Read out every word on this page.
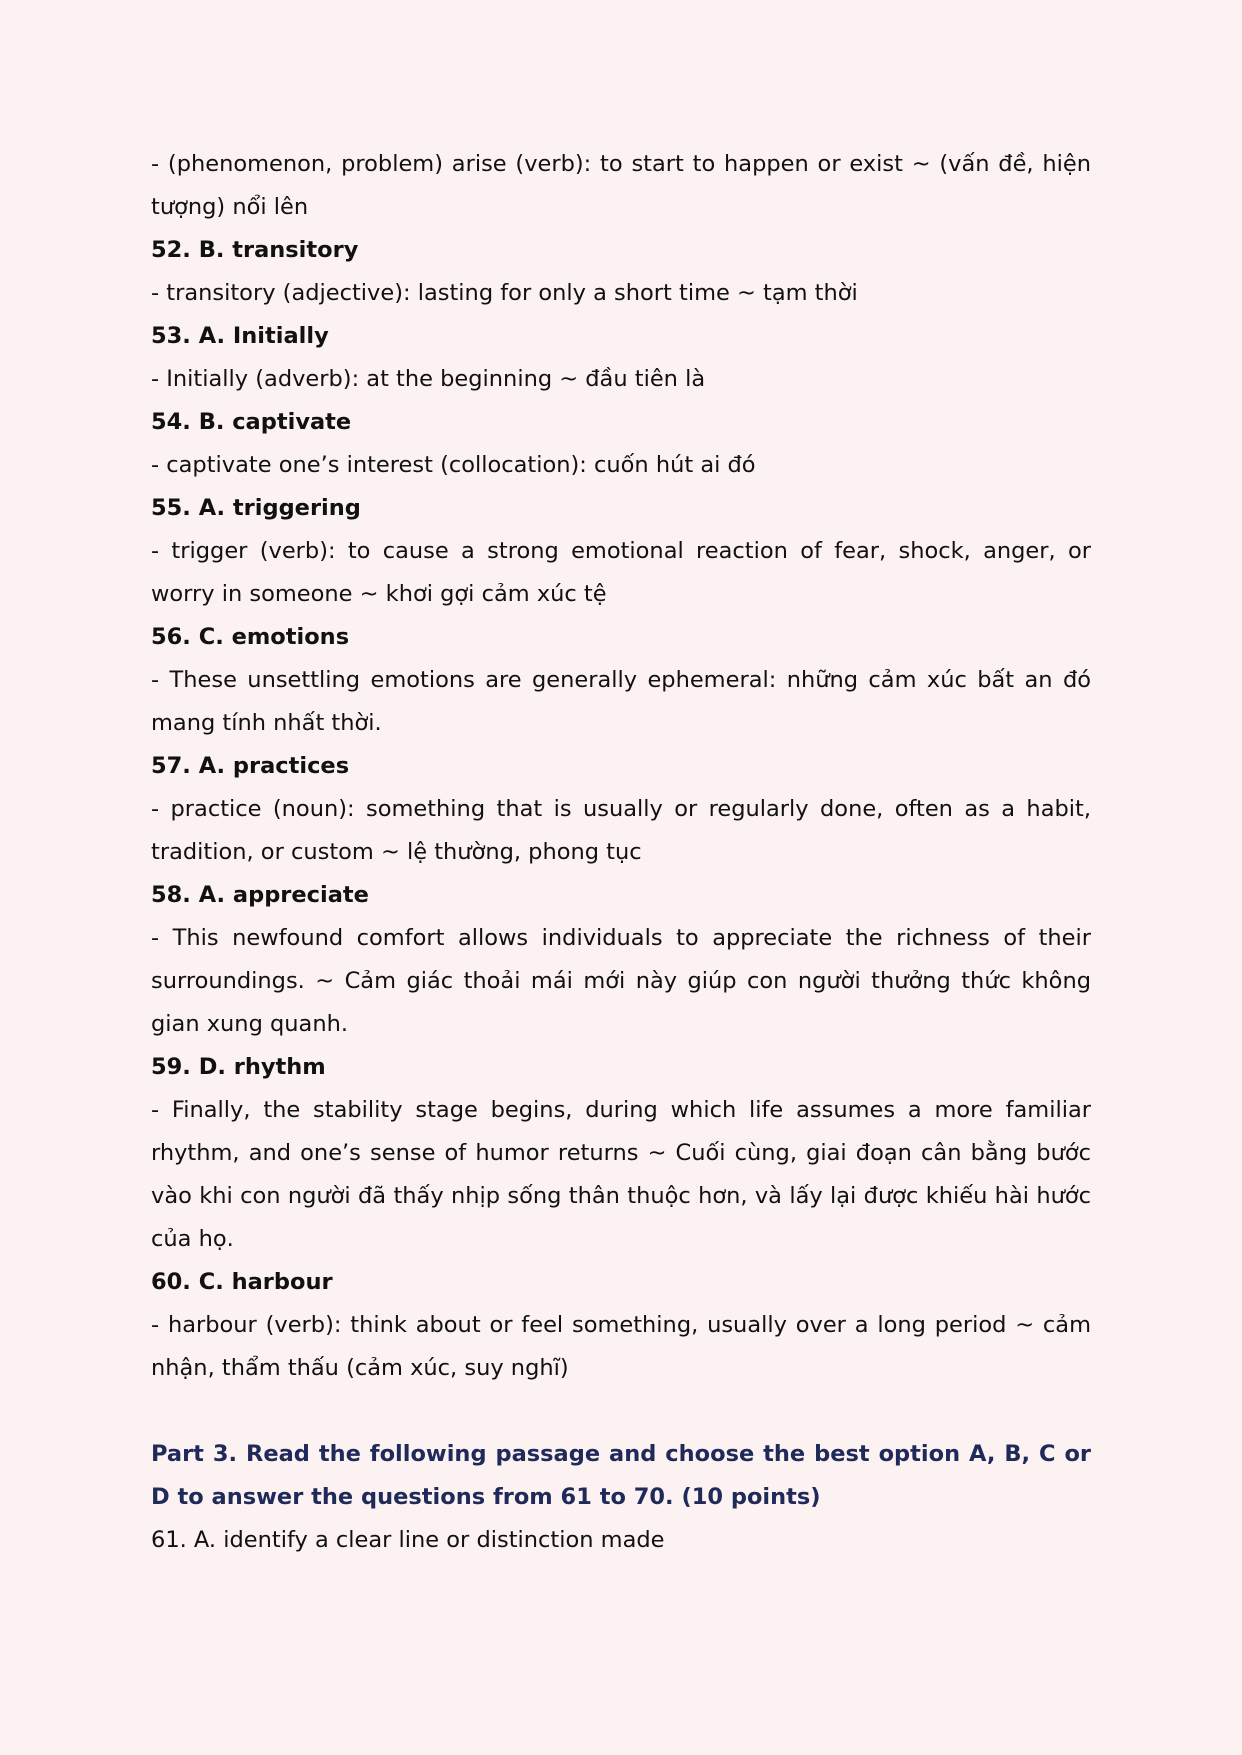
- (phenomenon, problem) arise (verb): to start to happen or exist ~ (vấn đề, hiện tượng) nổi lên

52. B. transitory

- transitory (adjective): lasting for only a short time ~ tạm thời

53. A. Initially

- Initially (adverb): at the beginning ~ đầu tiên là

54. B. captivate

- captivate one’s interest (collocation): cuốn hút ai đó

55. A. triggering

- trigger (verb): to cause a strong emotional reaction of fear, shock, anger, or worry in someone ~ khơi gợi cảm xúc tệ

56. C. emotions

- These unsettling emotions are generally ephemeral: những cảm xúc bất an đó mang tính nhất thời.

57. A. practices

- practice (noun): something that is usually or regularly done, often as a habit, tradition, or custom ~ lệ thường, phong tục

58. A. appreciate

- This newfound comfort allows individuals to appreciate the richness of their surroundings. ~ Cảm giác thoải mái mới này giúp con người thưởng thức không gian xung quanh.

59. D. rhythm

- Finally, the stability stage begins, during which life assumes a more familiar rhythm, and one’s sense of humor returns ~ Cuối cùng, giai đoạn cân bằng bước vào khi con người đã thấy nhịp sống thân thuộc hơn, và lấy lại được khiếu hài hước của họ.

60. C. harbour

- harbour (verb): think about or feel something, usually over a long period ~ cảm nhận, thẩm thấu (cảm xúc, suy nghĩ)

Part 3. Read the following passage and choose the best option A, B, C or D to answer the questions from 61 to 70. (10 points)

61. A. identify a clear line or distinction made
